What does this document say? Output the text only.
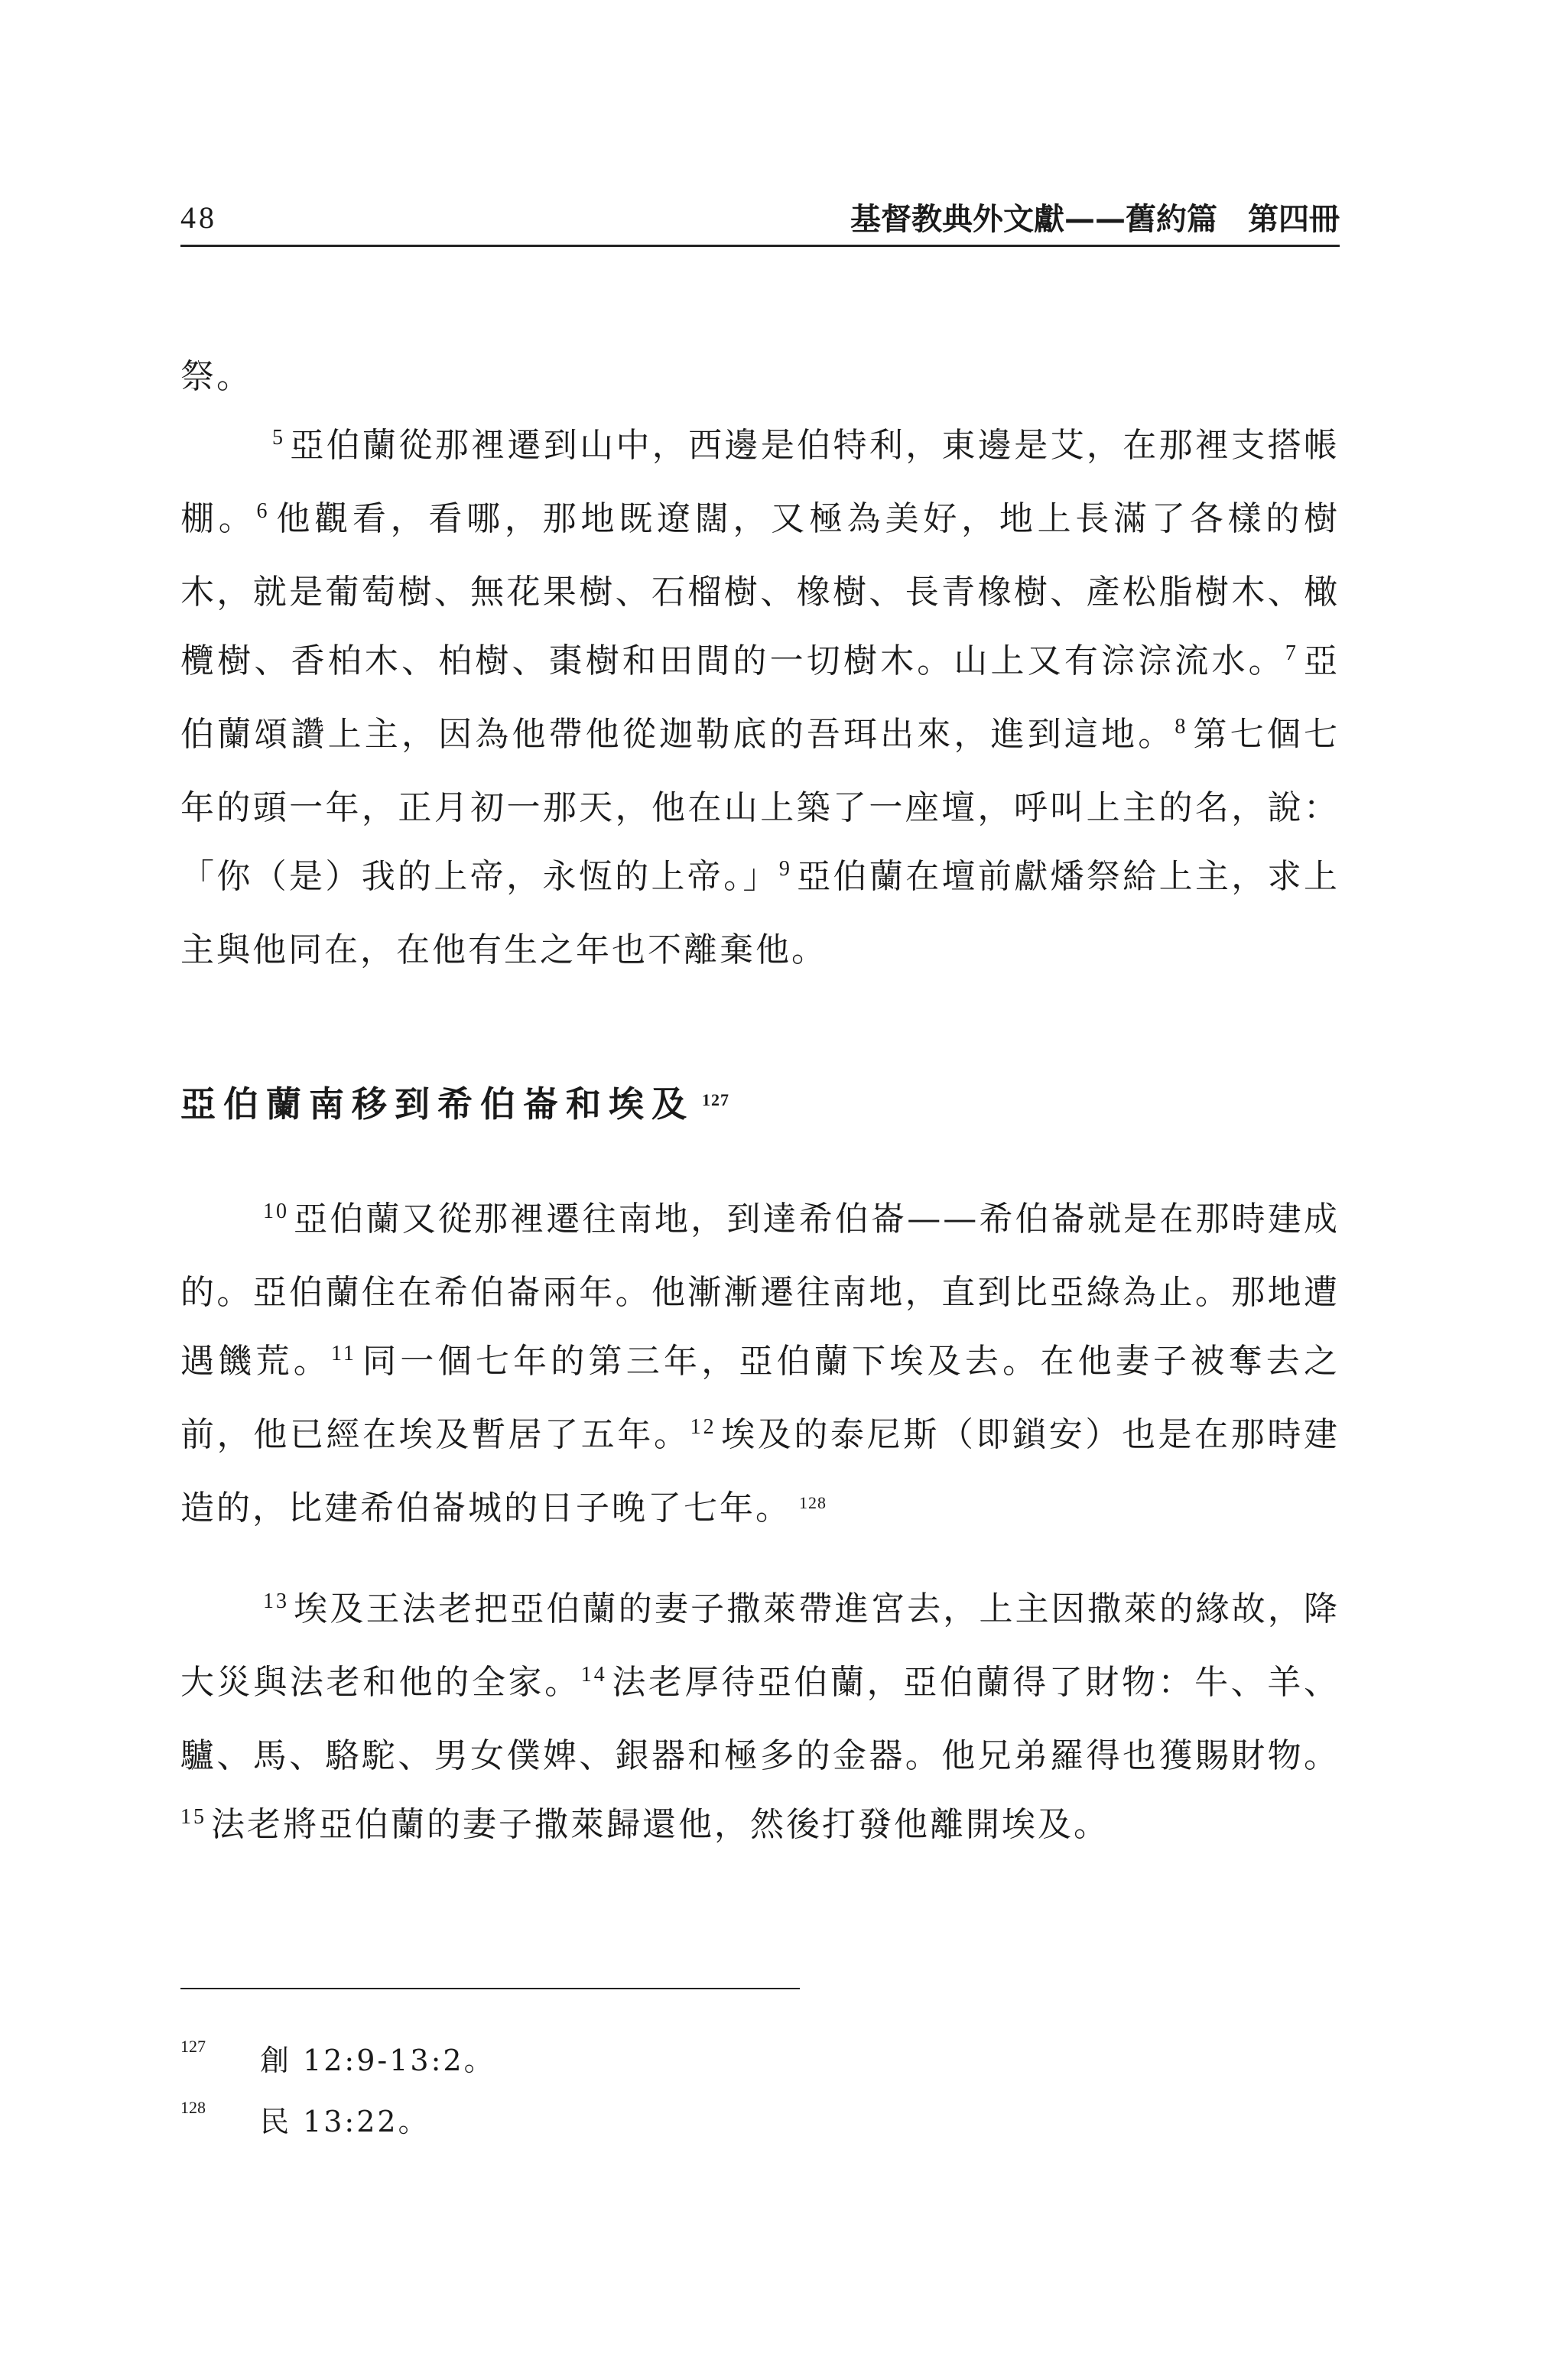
48	基督教典外文獻——舊約篇 第四冊

祭。

$^5$ 亞伯蘭從那裡遷到山中，西邊是伯特利，東邊是艾，在那裡支搭帳棚。$^6$ 他觀看，看哪，那地既遼闊，又極為美好，地上長滿了各樣的樹木，就是葡萄樹、無花果樹、石榴樹、橡樹、長青橡樹、產松脂樹木、橄欖樹、香柏木、柏樹、棗樹和田間的一切樹木。山上又有淙淙流水。$^7$ 亞伯蘭頌讚上主，因為他帶他從迦勒底的吾珥出來，進到這地。$^8$ 第七個七年的頭一年，正月初一那天，他在山上築了一座壇，呼叫上主的名，說：「你（是）我的上帝，永恆的上帝。」$^9$ 亞伯蘭在壇前獻燔祭給上主，求上主與他同在，在他有生之年也不離棄他。

亞伯蘭南移到希伯崙和埃及 $^{127}$

$^{10}$ 亞伯蘭又從那裡遷往南地，到達希伯崙——希伯崙就是在那時建成的。亞伯蘭住在希伯崙兩年。他漸漸遷往南地，直到比亞綠為止。那地遭遇饑荒。$^{11}$ 同一個七年的第三年，亞伯蘭下埃及去。在他妻子被奪去之前，他已經在埃及暫居了五年。$^{12}$ 埃及的泰尼斯（即鎖安）也是在那時建造的，比建希伯崙城的日子晚了七年。 $^{128}$

$^{13}$ 埃及王法老把亞伯蘭的妻子撒萊帶進宮去，上主因撒萊的緣故，降大災與法老和他的全家。$^{14}$ 法老厚待亞伯蘭，亞伯蘭得了財物：牛、羊、驢、馬、駱駝、男女僕婢、銀器和極多的金器。他兄弟羅得也獲賜財物。$^{15}$ 法老將亞伯蘭的妻子撒萊歸還他，然後打發他離開埃及。

127 創 12:9-13:2。
128 民 13:22。
